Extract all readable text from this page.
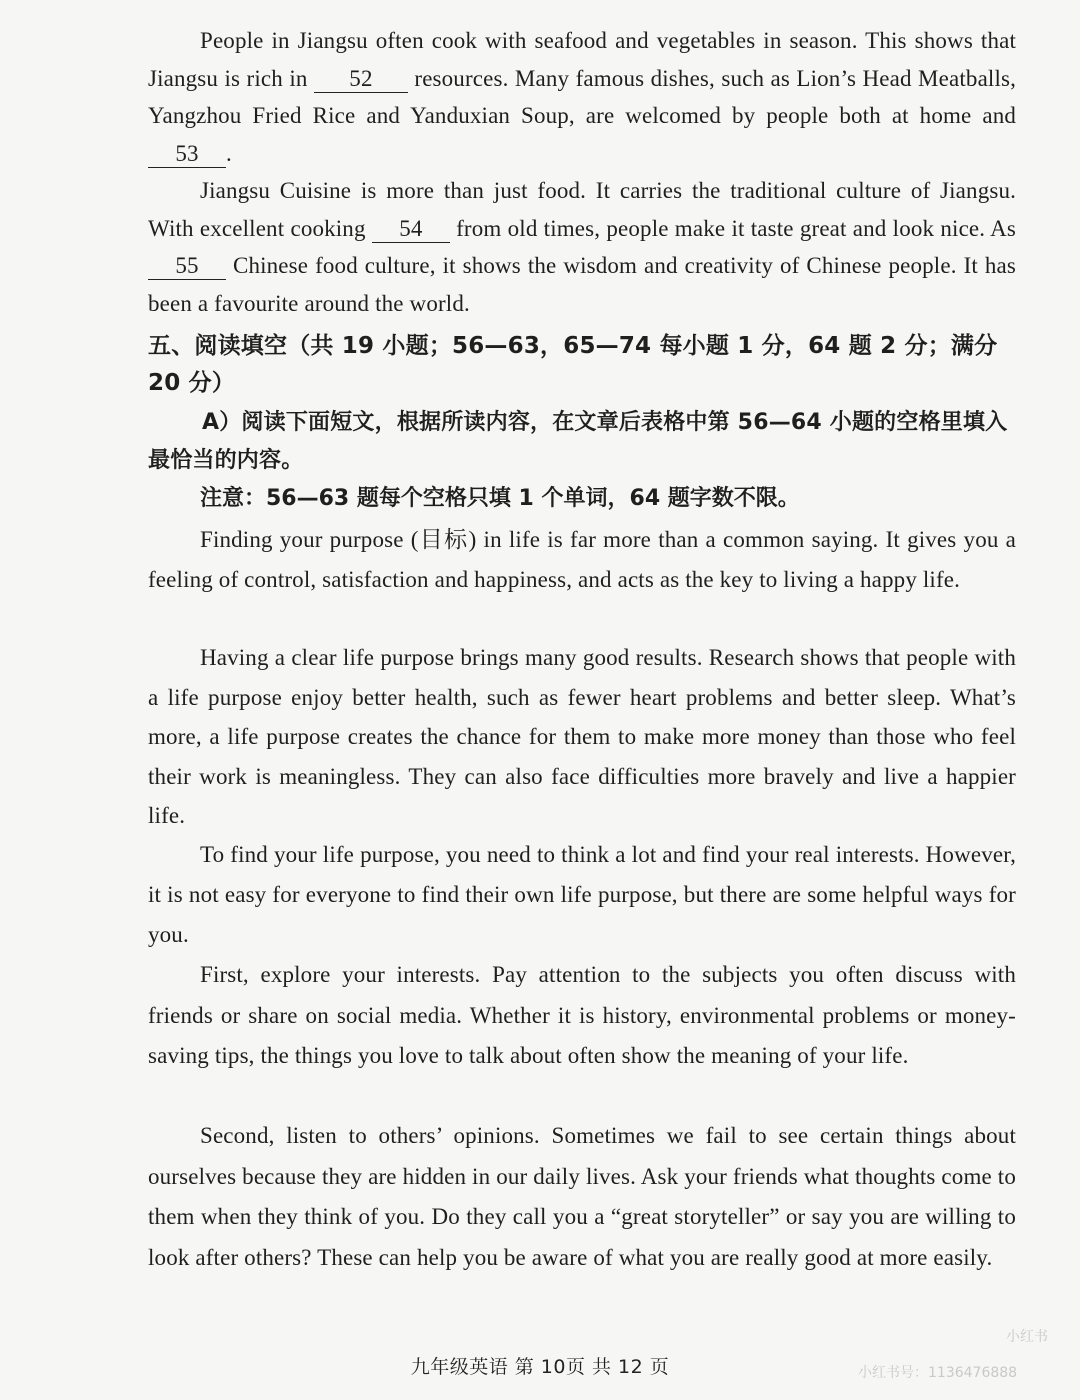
People in Jiangsu often cook with seafood and vegetables in season. This shows that Jiangsu is rich in 52 resources. Many famous dishes, such as Lion’s Head Meatballs, Yangzhou Fried Rice and Yanduxian Soup, are welcomed by people both at home and 53 .
Jiangsu Cuisine is more than just food. It carries the traditional culture of Jiangsu. With excellent cooking 54 from old times, people make it taste great and look nice. As 55 Chinese food culture, it shows the wisdom and creativity of Chinese people. It has been a favourite around the world.
五、阅读填空（共 19 小题；56—63，65—74 每小题 1 分，64 题 2 分；满分 20 分）
A）阅读下面短文，根据所读内容，在文章后表格中第 56—64 小题的空格里填入最恰当的内容。
注意：56—63 题每个空格只填 1 个单词，64 题字数不限。
Finding your purpose (目标) in life is far more than a common saying. It gives you a feeling of control, satisfaction and happiness, and acts as the key to living a happy life.
Having a clear life purpose brings many good results. Research shows that people with a life purpose enjoy better health, such as fewer heart problems and better sleep. What’s more, a life purpose creates the chance for them to make more money than those who feel their work is meaningless. They can also face difficulties more bravely and live a happier life.
To find your life purpose, you need to think a lot and find your real interests. However, it is not easy for everyone to find their own life purpose, but there are some helpful ways for you.
First, explore your interests. Pay attention to the subjects you often discuss with friends or share on social media. Whether it is history, environmental problems or money-saving tips, the things you love to talk about often show the meaning of your life.
Second, listen to others’ opinions. Sometimes we fail to see certain things about ourselves because they are hidden in our daily lives. Ask your friends what thoughts come to them when they think of you. Do they call you a “great storyteller” or say you are willing to look after others? These can help you be aware of what you are really good at more easily.
小红书
小红书号：1136476888
九年级英语 第 10页 共 12 页
